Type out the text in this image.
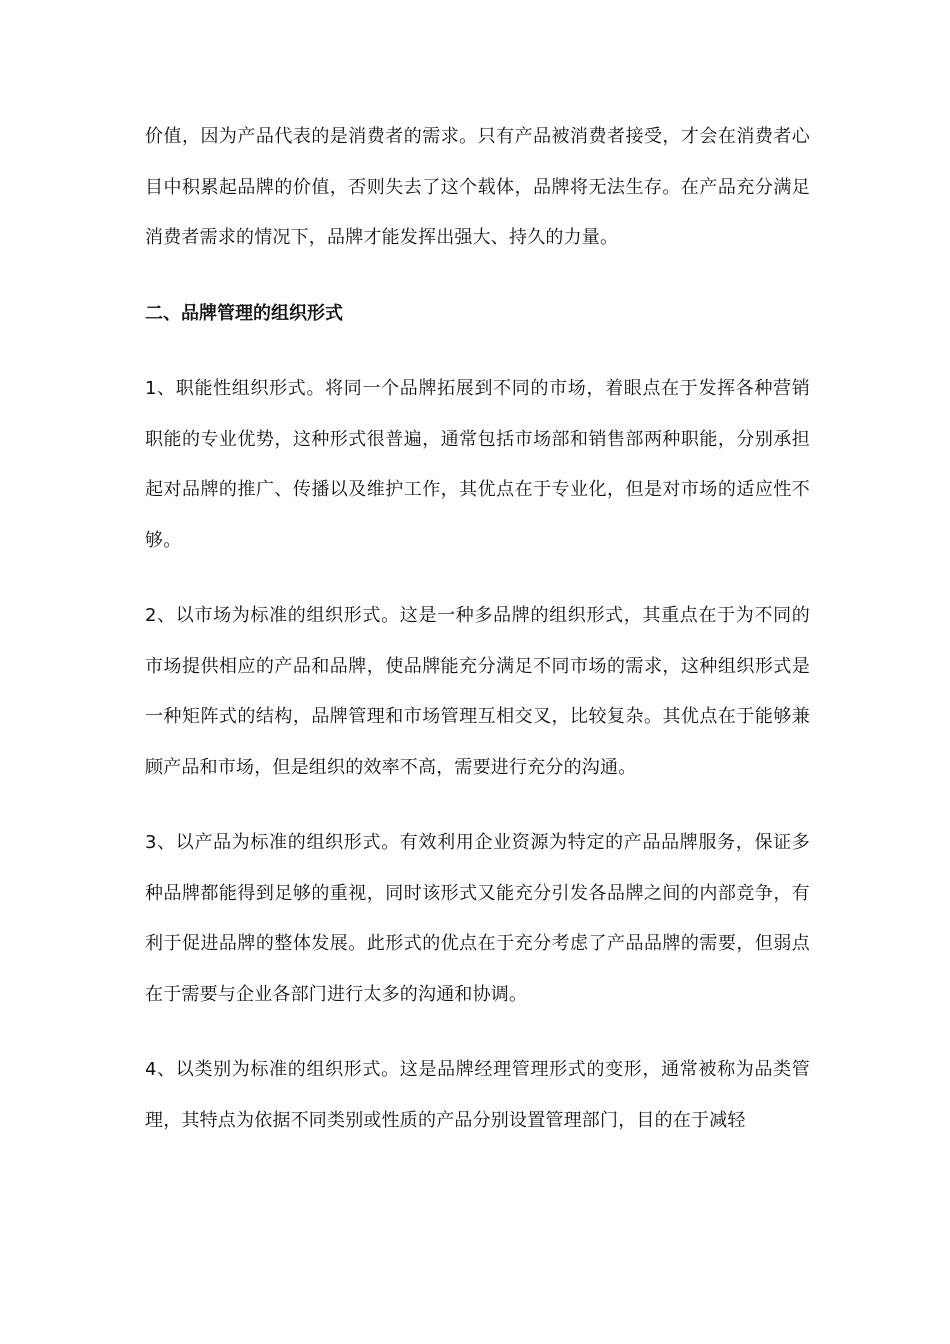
价值，因为产品代表的是消费者的需求。只有产品被消费者接受，才会在消费者心目中积累起品牌的价值，否则失去了这个载体，品牌将无法生存。在产品充分满足消费者需求的情况下，品牌才能发挥出强大、持久的力量。

二、品牌管理的组织形式

1、职能性组织形式。将同一个品牌拓展到不同的市场，着眼点在于发挥各种营销职能的专业优势，这种形式很普遍，通常包括市场部和销售部两种职能，分别承担起对品牌的推广、传播以及维护工作，其优点在于专业化，但是对市场的适应性不够。

2、以市场为标准的组织形式。这是一种多品牌的组织形式，其重点在于为不同的市场提供相应的产品和品牌，使品牌能充分满足不同市场的需求，这种组织形式是一种矩阵式的结构，品牌管理和市场管理互相交叉，比较复杂。其优点在于能够兼顾产品和市场，但是组织的效率不高，需要进行充分的沟通。

3、以产品为标准的组织形式。有效利用企业资源为特定的产品品牌服务，保证多种品牌都能得到足够的重视，同时该形式又能充分引发各品牌之间的内部竞争，有利于促进品牌的整体发展。此形式的优点在于充分考虑了产品品牌的需要，但弱点在于需要与企业各部门进行太多的沟通和协调。

4、以类别为标准的组织形式。这是品牌经理管理形式的变形，通常被称为品类管理，其特点为依据不同类别或性质的产品分别设置管理部门，目的在于减轻
